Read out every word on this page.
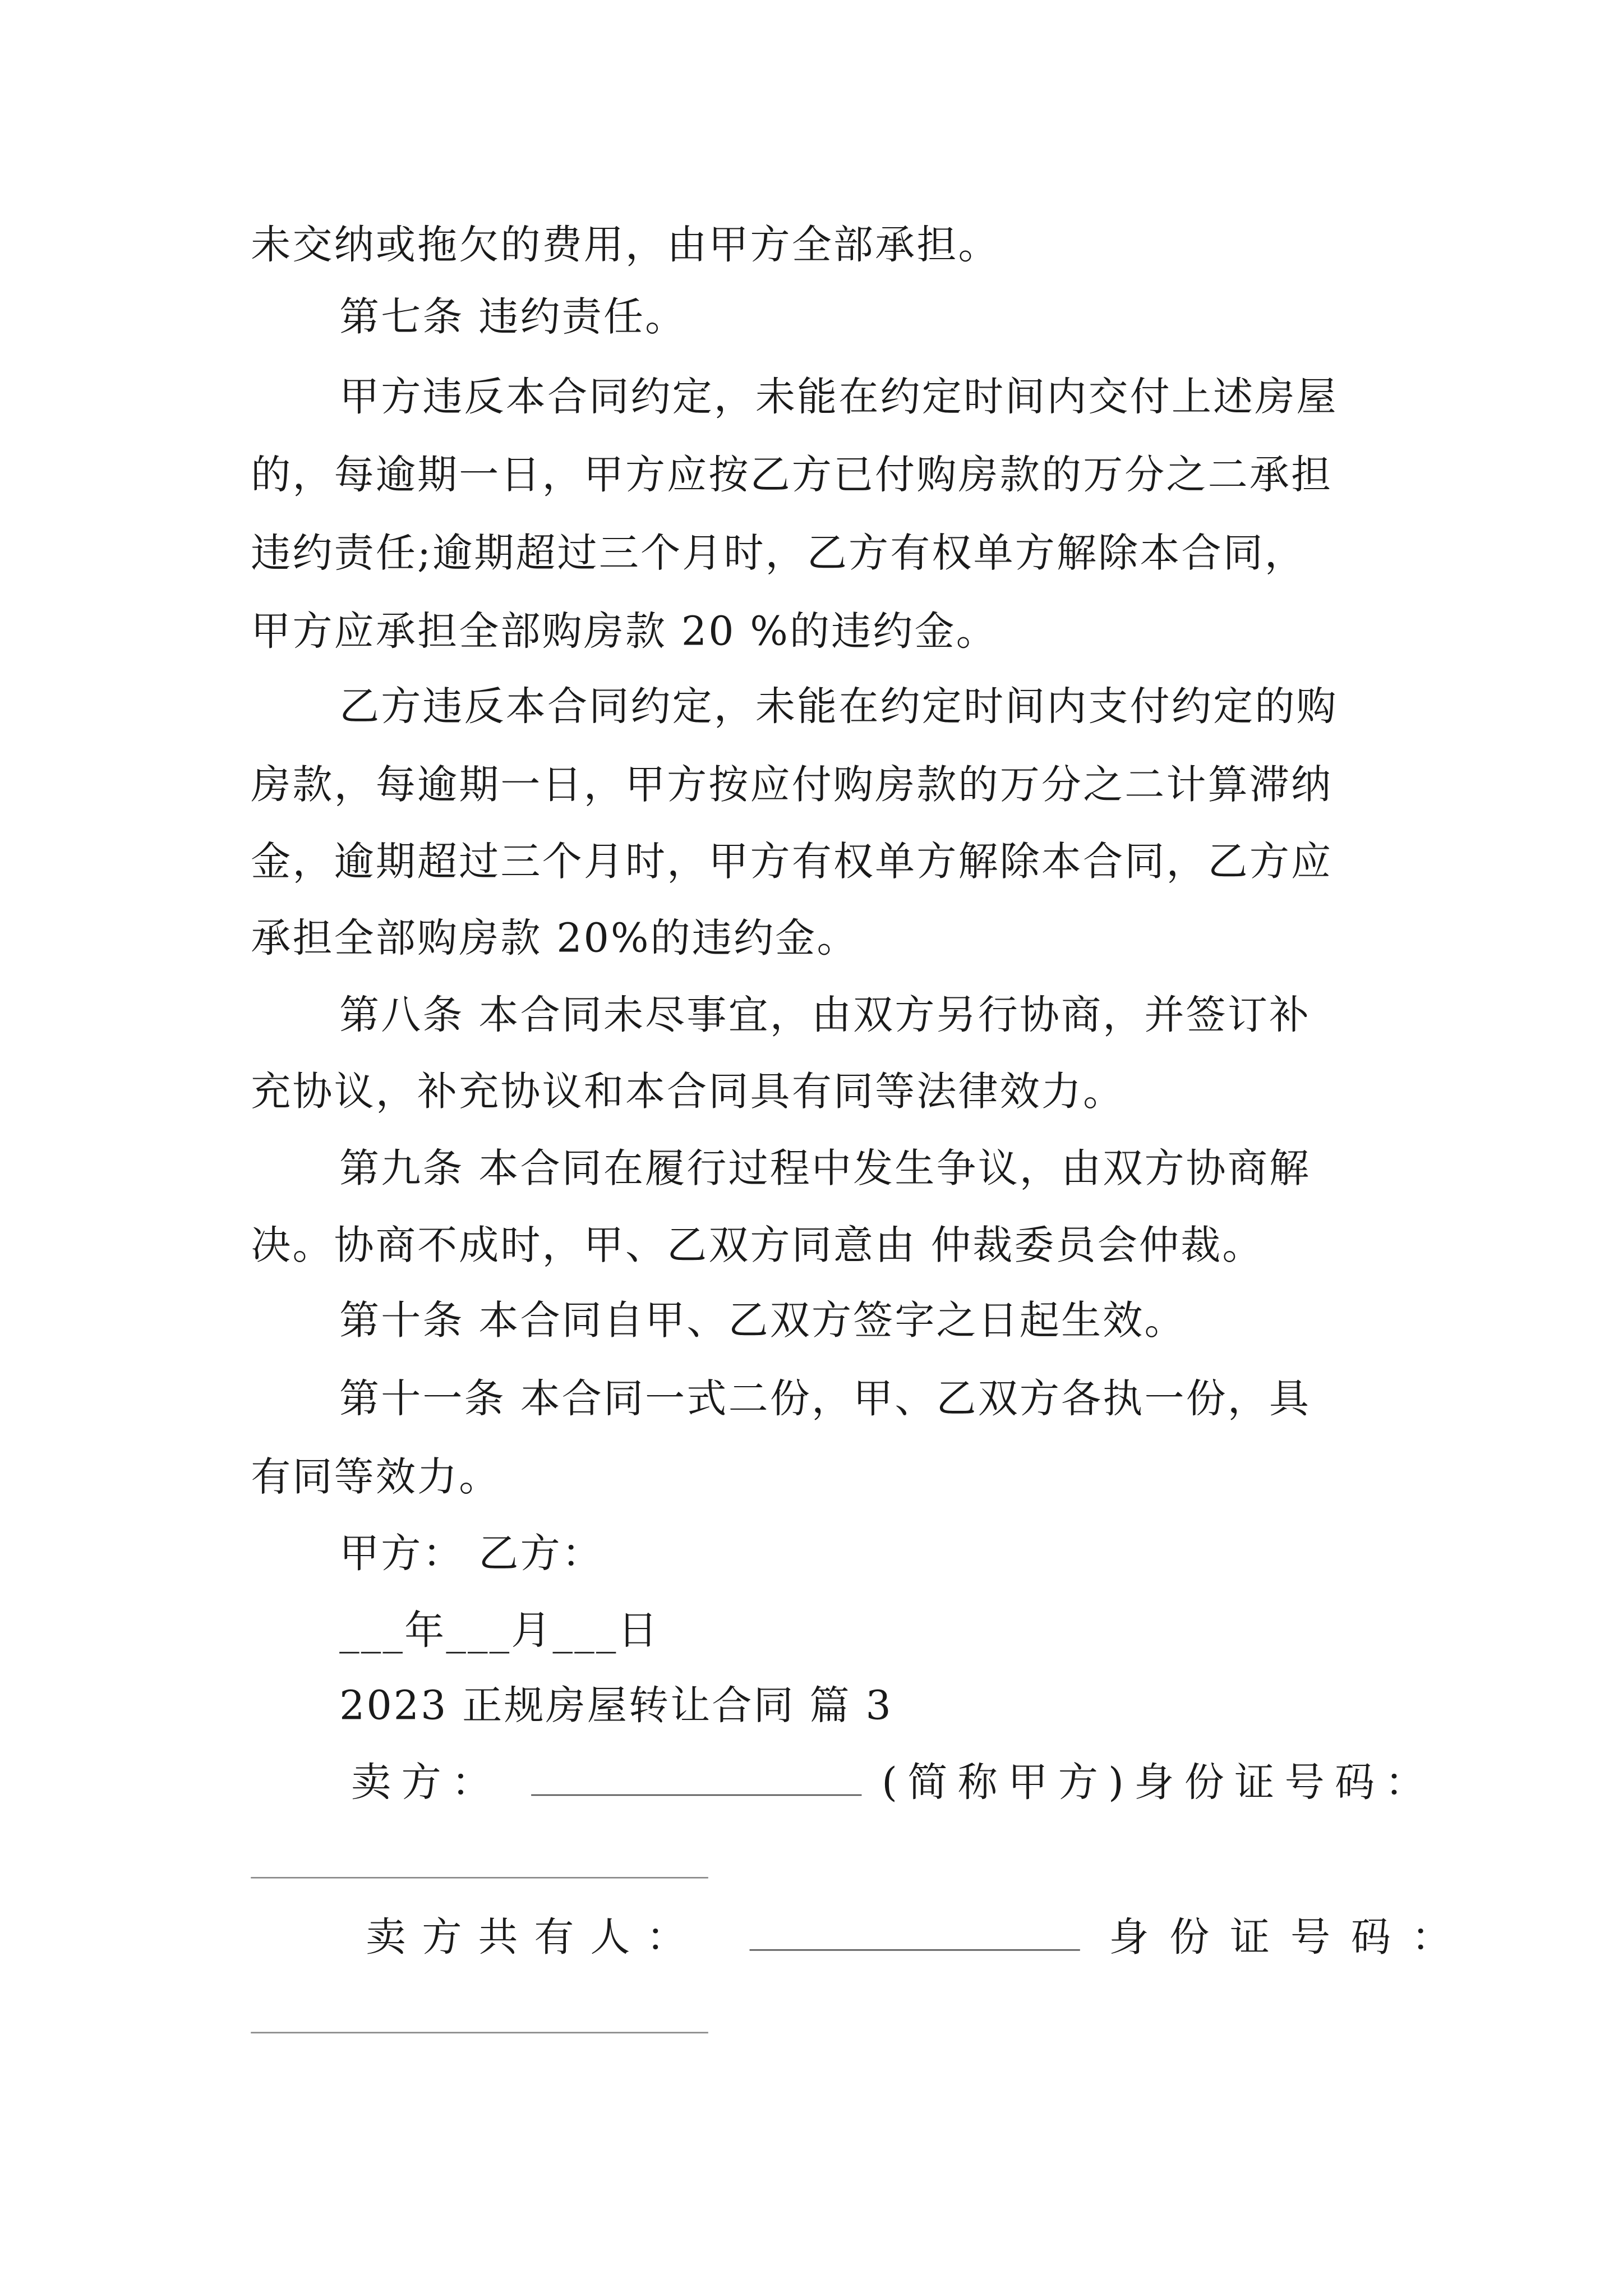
未交纳或拖欠的费用，由甲方全部承担。
第七条 违约责任。
甲方违反本合同约定，未能在约定时间内交付上述房屋
的，每逾期一日，甲方应按乙方已付购房款的万分之二承担
违约责任;逾期超过三个月时，乙方有权单方解除本合同，
甲方应承担全部购房款 20 %的违约金。
乙方违反本合同约定，未能在约定时间内支付约定的购
房款，每逾期一日，甲方按应付购房款的万分之二计算滞纳
金，逾期超过三个月时，甲方有权单方解除本合同，乙方应
承担全部购房款 20%的违约金。
第八条 本合同未尽事宜，由双方另行协商，并签订补
充协议，补充协议和本合同具有同等法律效力。
第九条 本合同在履行过程中发生争议，由双方协商解
决。协商不成时，甲、乙双方同意由 仲裁委员会仲裁。
第十条 本合同自甲、乙双方签字之日起生效。
第十一条 本合同一式二份，甲、乙双方各执一份，具
有同等效力。
甲方： 乙方：
___年___月___日
2023 正规房屋转让合同 篇 3
卖方：	(简称甲方)身份证号码：
卖方共有人：	身份证号码：
